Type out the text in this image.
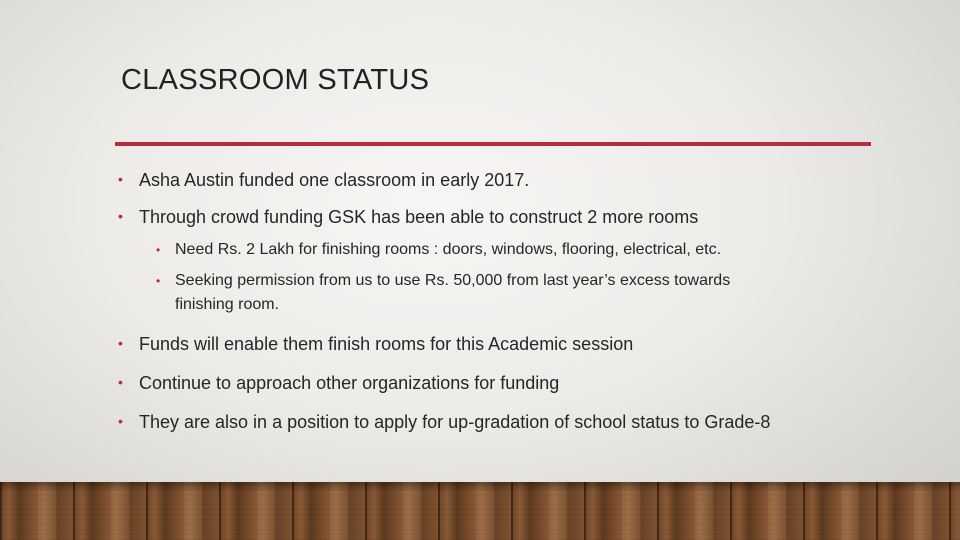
CLASSROOM STATUS
• Asha Austin funded one classroom in early 2017.
• Through crowd funding GSK has been able to construct 2 more rooms
• Need Rs. 2 Lakh for finishing rooms : doors, windows, flooring, electrical, etc.
• Seeking permission from us to use Rs. 50,000 from last year’s excess towards
finishing room.
• Funds will enable them finish rooms for this Academic session
• Continue to approach other organizations for funding
• They are also in a position to apply for up-gradation of school status to Grade-8
